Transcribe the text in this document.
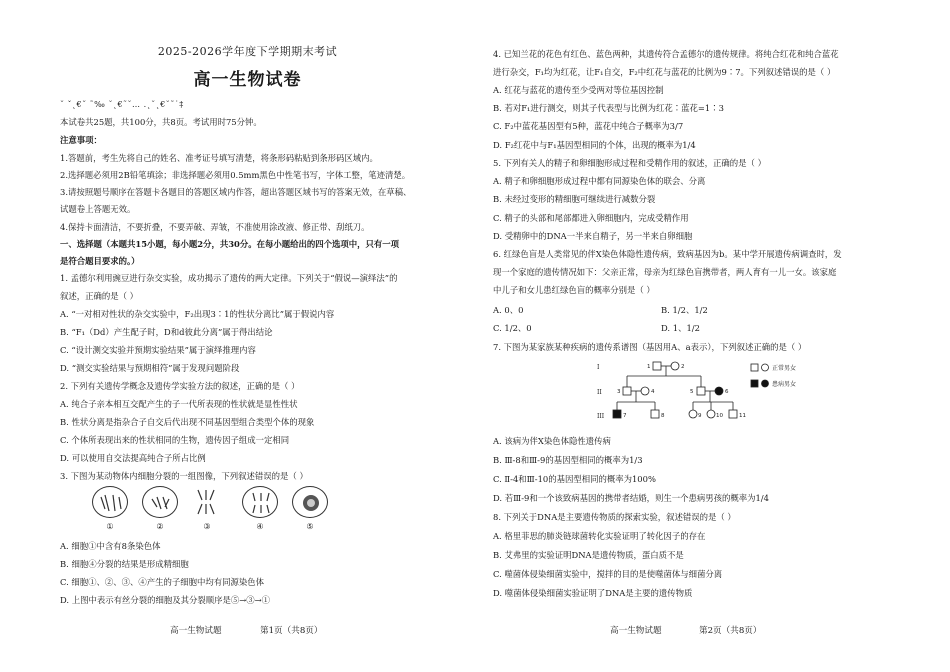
2025-2026学年度下学期期末考试
高一生物试卷
˘ ˇ˛€˘ ˜‰ ˘˛€˜˘… .˛˘˛€˘˜˙‡
本试卷共25题，共100分，共8页。考试用时75分钟。
注意事项：
1.答题前，考生先将自己的姓名、准考证号填写清楚，将条形码粘贴到条形码区域内。
2.选择题必须用2B铅笔填涂；非选择题必须用0.5mm黑色中性笔书写，字体工整，笔迹清楚。
3.请按照题号顺序在答题卡各题目的答题区域内作答，超出答题区域书写的答案无效，在草稿、
试题卷上答题无效。
4.保持卡面清洁，不要折叠，不要弄破、弄皱，不准使用涂改液、修正带、刮纸刀。
一、选择题（本题共15小题，每小题2分，共30分。在每小题给出的四个选项中，只有一项
是符合题目要求的。）
1. 孟德尔利用豌豆进行杂交实验，成功揭示了遗传的两大定律。下列关于“假说—演绎法”的
叙述，正确的是（ ）
A. “一对相对性状的杂交实验中，F₂出现3∶1的性状分离比”属于假说内容
B. “F₁（Dd）产生配子时，D和d彼此分离”属于得出结论
C. “设计测交实验并预期实验结果”属于演绎推理内容
D. “测交实验结果与预期相符”属于发现问题阶段
2. 下列有关遗传学概念及遗传学实验方法的叙述，正确的是（ ）
A. 纯合子亲本相互交配产生的子一代所表现的性状就是显性性状
B. 性状分离是指杂合子自交后代出现不同基因型组合类型个体的现象
C. 个体所表现出来的性状相同的生物，遗传因子组成一定相同
D. 可以使用自交法提高纯合子所占比例
3. 下图为某动物体内细胞分裂的一组图像，下列叙述错误的是（ ）
①	②	③	④	⑤
A. 细胞①中含有8条染色体
B. 细胞④分裂的结果是形成精细胞
C. 细胞①、②、③、④产生的子细胞中均有同源染色体
D. 上图中表示有丝分裂的细胞及其分裂顺序是⑤→③→①
高一生物试题	第1页（共8页）
4. 已知兰花的花色有红色、蓝色两种，其遗传符合孟德尔的遗传规律。将纯合红花和纯合蓝花
进行杂交，F₁均为红花，让F₁自交，F₂中红花与蓝花的比例为9∶7。下列叙述错误的是（ ）
A. 红花与蓝花的遗传至少受两对等位基因控制
B. 若对F₁进行测交，则其子代表型与比例为红花∶蓝花=1∶3
C. F₂中蓝花基因型有5种，蓝花中纯合子概率为3/7
D. F₂红花中与F₁基因型相同的个体，出现的概率为1/4
5. 下列有关人的精子和卵细胞形成过程和受精作用的叙述，正确的是（ ）
A. 精子和卵细胞形成过程中都有同源染色体的联会、分离
B. 未经过变形的精细胞可继续进行减数分裂
C. 精子的头部和尾部都进入卵细胞内，完成受精作用
D. 受精卵中的DNA一半来自精子，另一半来自卵细胞
6. 红绿色盲是人类常见的伴X染色体隐性遗传病，致病基因为b。某中学开展遗传病调查时，发
现一个家庭的遗传情况如下：父亲正常，母亲为红绿色盲携带者，两人育有一儿一女。该家庭
中儿子和女儿患红绿色盲的概率分别是（ ）
A. 0、0	B. 1/2、1/2
C. 1/2、0	D. 1、1/2
7. 下图为某家族某种疾病的遗传系谱图（基因用A、a表示），下列叙述正确的是（ ）
I
II
III
1	2
3	4	5	6
7	8	9	10	11
正常男女
患病男女
A. 该病为伴X染色体隐性遗传病
B. Ⅲ-8和Ⅲ-9的基因型相同的概率为1/3
C. Ⅱ-4和Ⅲ-10的基因型相同的概率为100%
D. 若Ⅲ-9和一个该致病基因的携带者结婚，则生一个患病男孩的概率为1/4
8. 下列关于DNA是主要遗传物质的探索实验，叙述错误的是（ ）
A. 格里菲思的肺炎链球菌转化实验证明了转化因子的存在
B. 艾弗里的实验证明DNA是遗传物质，蛋白质不是
C. 噬菌体侵染细菌实验中，搅拌的目的是使噬菌体与细菌分离
D. 噬菌体侵染细菌实验证明了DNA是主要的遗传物质
高一生物试题	第2页（共8页）
